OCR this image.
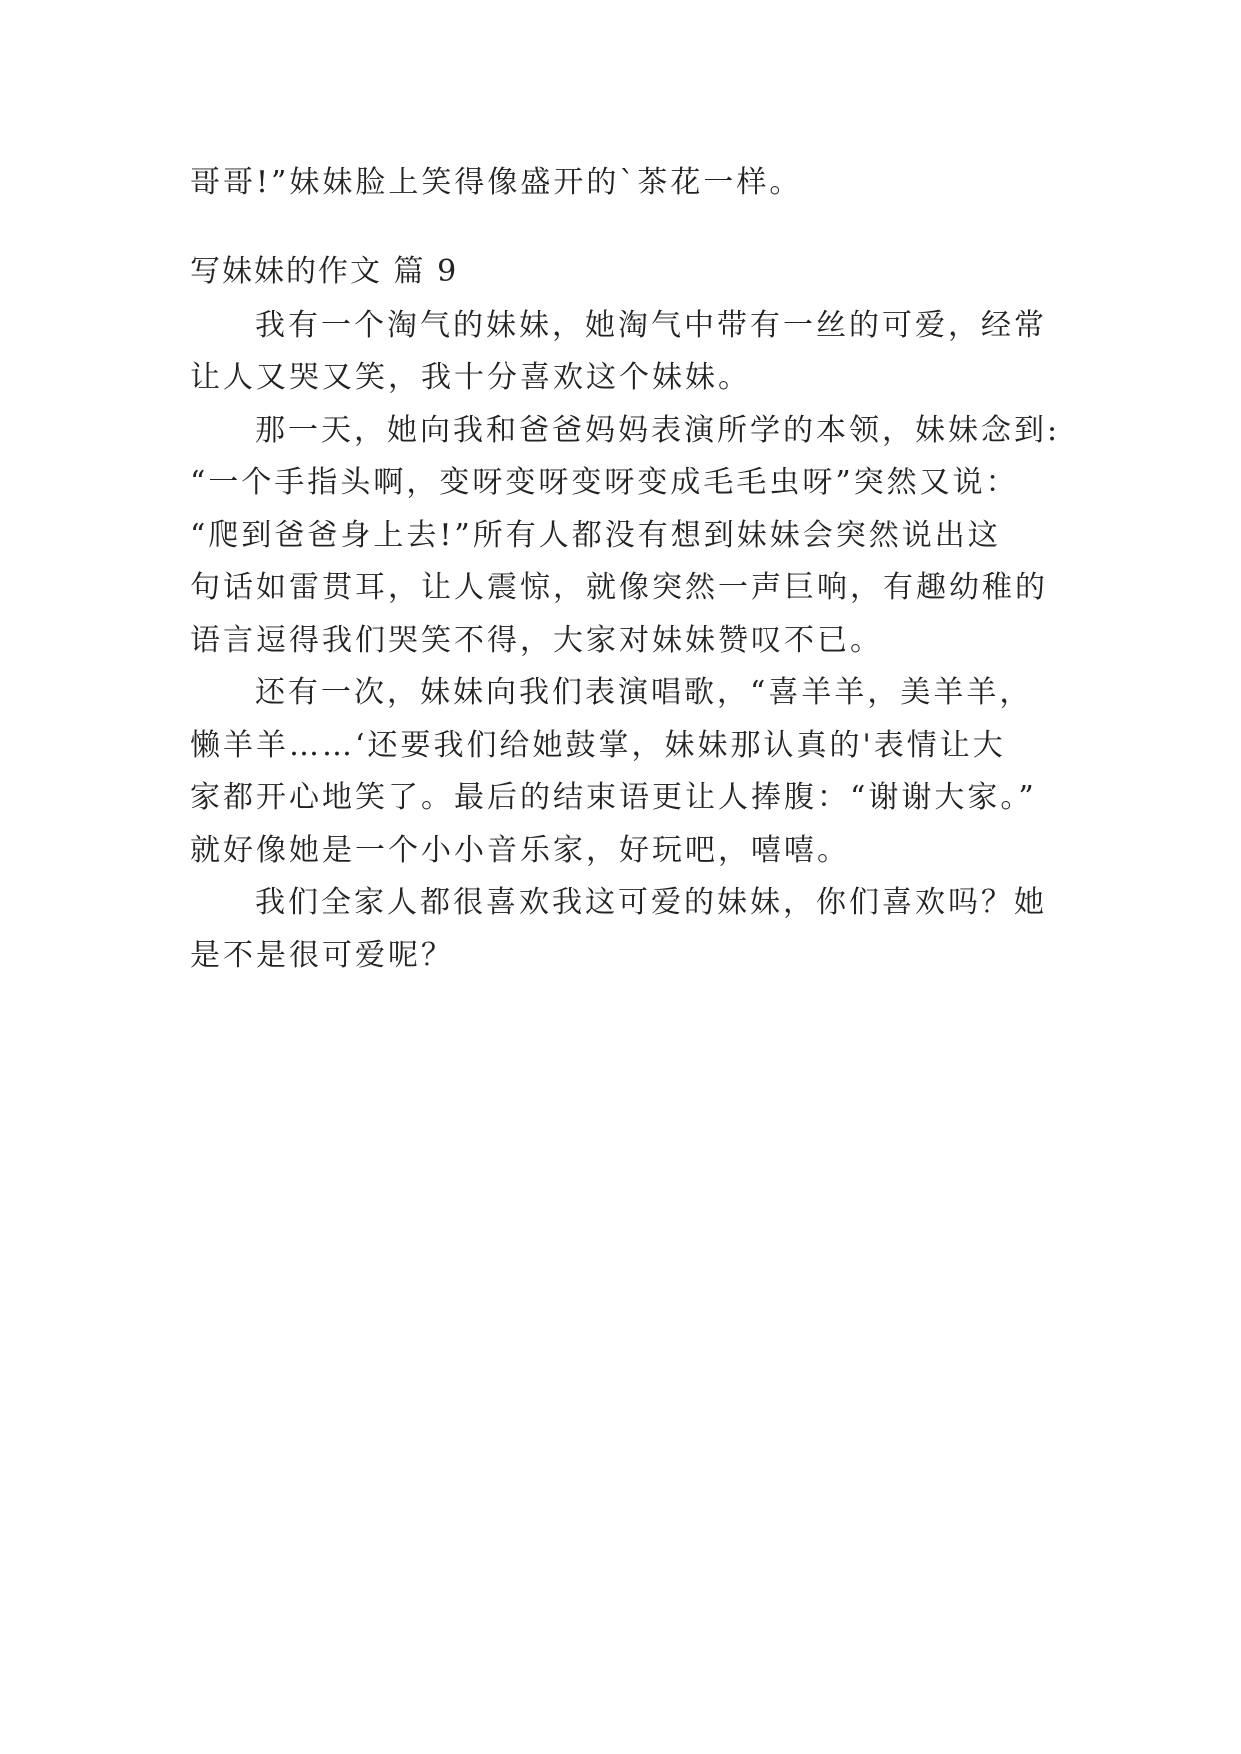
哥哥!”妹妹脸上笑得像盛开的`茶花一样。
写妹妹的作文 篇 9
我有一个淘气的妹妹，她淘气中带有一丝的可爱，经常
让人又哭又笑，我十分喜欢这个妹妹。
那一天，她向我和爸爸妈妈表演所学的本领，妹妹念到:
“一个手指头啊，变呀变呀变呀变成毛毛虫呀”突然又说：
“爬到爸爸身上去!”所有人都没有想到妹妹会突然说出这
句话如雷贯耳，让人震惊，就像突然一声巨响，有趣幼稚的
语言逗得我们哭笑不得，大家对妹妹赞叹不已。
还有一次，妹妹向我们表演唱歌，“喜羊羊，美羊羊，
懒羊羊……‘还要我们给她鼓掌，妹妹那认真的'表情让大
家都开心地笑了。最后的结束语更让人捧腹：“谢谢大家。”
就好像她是一个小小音乐家，好玩吧，嘻嘻。
我们全家人都很喜欢我这可爱的妹妹，你们喜欢吗？她
是不是很可爱呢？
